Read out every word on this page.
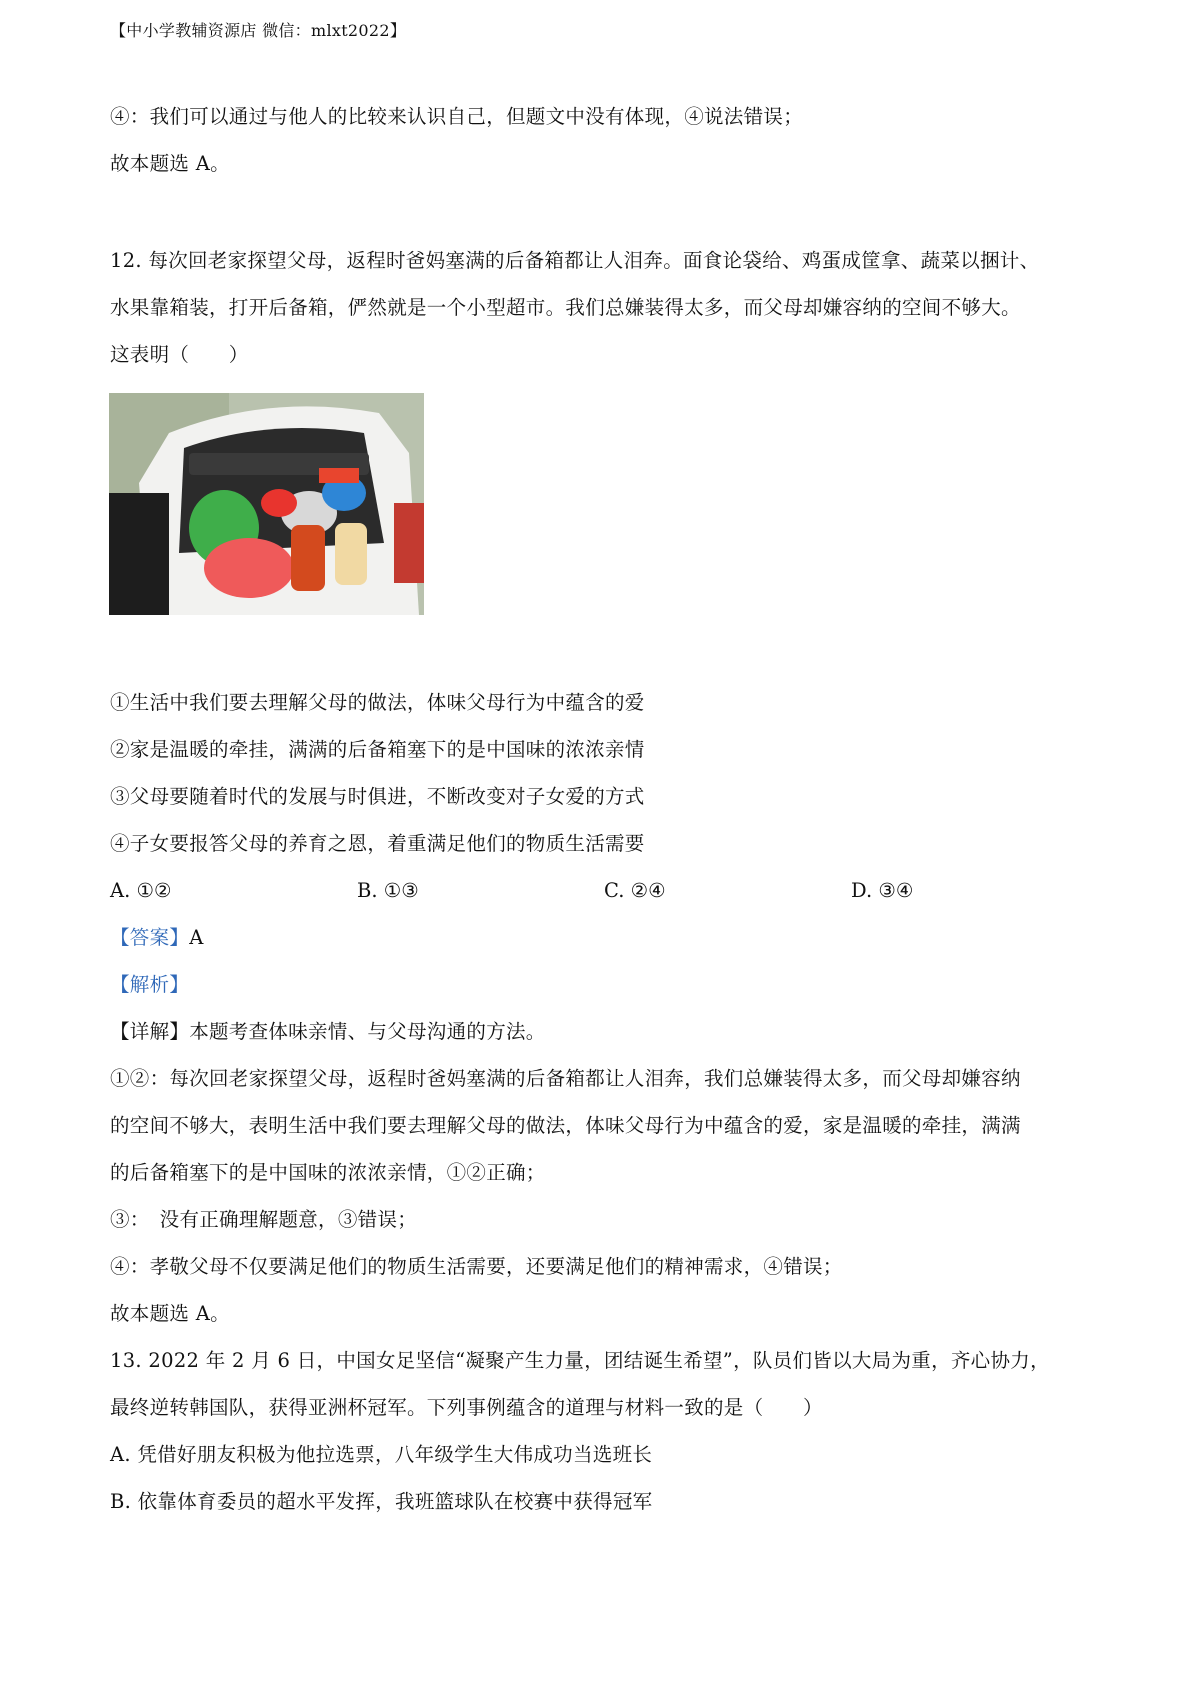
【中小学教辅资源店 微信：mlxt2022】
④：我们可以通过与他人的比较来认识自己，但题文中没有体现，④说法错误；
故本题选 A。
12. 每次回老家探望父母，返程时爸妈塞满的后备箱都让人泪奔。面食论袋给、鸡蛋成筐拿、蔬菜以捆计、
水果靠箱装，打开后备箱，俨然就是一个小型超市。我们总嫌装得太多，而父母却嫌容纳的空间不够大。
这表明（　　）
①生活中我们要去理解父母的做法，体味父母行为中蕴含的爱
②家是温暖的牵挂，满满的后备箱塞下的是中国味的浓浓亲情
③父母要随着时代的发展与时俱进，不断改变对子女爱的方式
④子女要报答父母的养育之恩，着重满足他们的物质生活需要
A. ①②	B. ①③	C. ②④	D. ③④
【答案】A
【解析】
【详解】本题考查体味亲情、与父母沟通的方法。
①②：每次回老家探望父母，返程时爸妈塞满的后备箱都让人泪奔，我们总嫌装得太多，而父母却嫌容纳
的空间不够大，表明生活中我们要去理解父母的做法，体味父母行为中蕴含的爱，家是温暖的牵挂，满满
的后备箱塞下的是中国味的浓浓亲情，①②正确；
③：　没有正确理解题意，③错误；
④：孝敬父母不仅要满足他们的物质生活需要，还要满足他们的精神需求，④错误；
故本题选 A。
13. 2022 年 2 月 6 日，中国女足坚信“凝聚产生力量，团结诞生希望”，队员们皆以大局为重，齐心协力，
最终逆转韩国队，获得亚洲杯冠军。下列事例蕴含的道理与材料一致的是（　　）
A. 凭借好朋友积极为他拉选票，八年级学生大伟成功当选班长
B. 依靠体育委员的超水平发挥，我班篮球队在校赛中获得冠军
